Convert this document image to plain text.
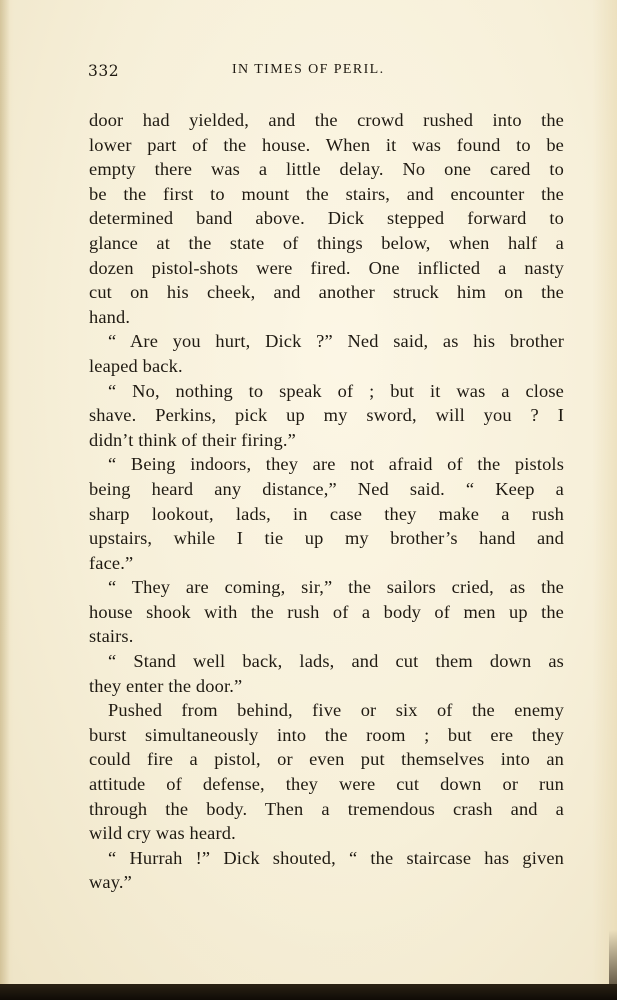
332	IN TIMES OF PERIL.
door had yielded, and the crowd rushed into the
lower part of the house. When it was found to be
empty there was a little delay. No one cared to
be the first to mount the stairs, and encounter the
determined band above. Dick stepped forward to
glance at the state of things below, when half a
dozen pistol-shots were fired. One inflicted a nasty
cut on his cheek, and another struck him on the
hand.
“ Are you hurt, Dick ?” Ned said, as his brother
leaped back.
“ No, nothing to speak of ; but it was a close
shave. Perkins, pick up my sword, will you ? I
didn’t think of their firing.”
“ Being indoors, they are not afraid of the pistols
being heard any distance,” Ned said. “ Keep a
sharp lookout, lads, in case they make a rush
upstairs, while I tie up my brother’s hand and
face.”
“ They are coming, sir,” the sailors cried, as the
house shook with the rush of a body of men up the
stairs.
“ Stand well back, lads, and cut them down as
they enter the door.”
Pushed from behind, five or six of the enemy
burst simultaneously into the room ; but ere they
could fire a pistol, or even put themselves into an
attitude of defense, they were cut down or run
through the body. Then a tremendous crash and a
wild cry was heard.
“ Hurrah !” Dick shouted, “ the staircase has given
way.”
